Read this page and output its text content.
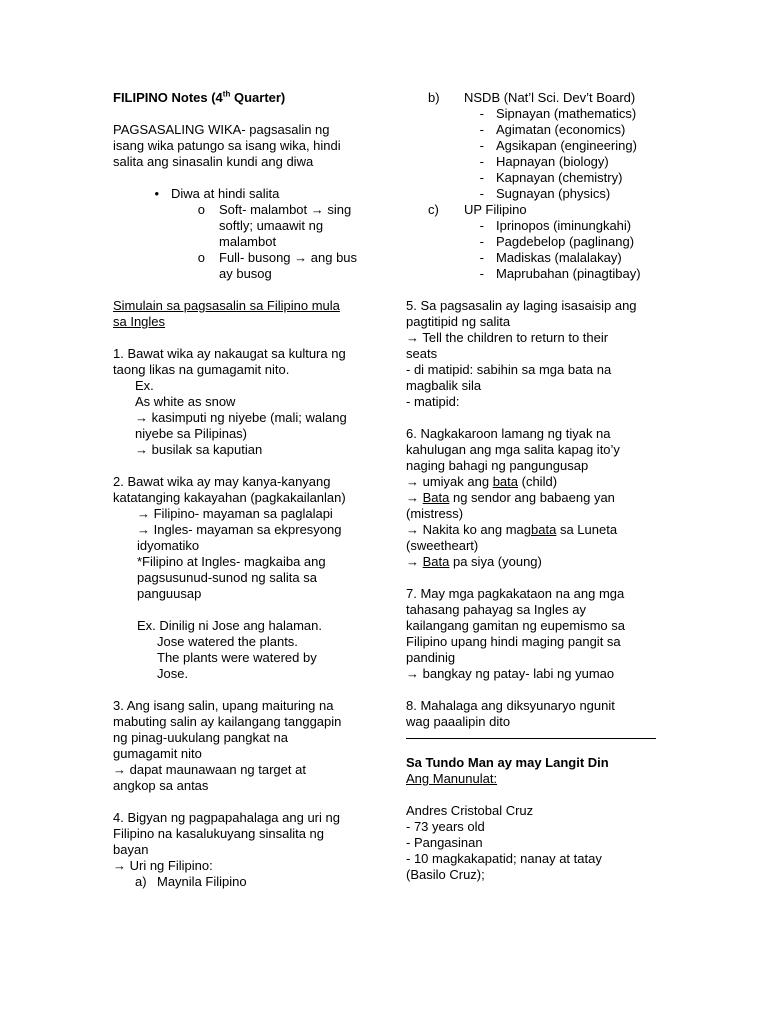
FILIPINO Notes (4th Quarter)

PAGSASALING WIKA- pagsasalin ng

isang wika patungo sa isang wika, hindi

salita ang sinasalin kundi ang diwa

• Diwa at hindi salita
o	Soft- malambot → sing
softly; umaawit ng
malambot
o	Full- busong → ang bus
ay busog

Simulain sa pagsasalin sa Filipino mula

sa Ingles

1. Bawat wika ay nakaugat sa kultura ng

taong likas na gumagamit nito.

Ex.

As white as snow

→ kasimputi ng niyebe (mali; walang

niyebe sa Pilipinas)

→ busilak sa kaputian

2. Bawat wika ay may kanya-kanyang

katatanging kakayahan (pagkakailanlan)

→ Filipino- mayaman sa paglalapi

→ Ingles- mayaman sa ekpresyong

idyomatiko

*Filipino at Ingles- magkaiba ang

pagsusunud-sunod ng salita sa

panguusap

Ex. Dinilig ni Jose ang halaman.

Jose watered the plants.

The plants were watered by

Jose.

3. Ang isang salin, upang maituring na

mabuting salin ay kailangang tanggapin

ng pinag-uukulang pangkat na

gumagamit nito

→ dapat maunawaan ng target at

angkop sa antas

4. Bigyan ng pagpapahalaga ang uri ng

Filipino na kasalukuyang sinsalita ng

bayan

→ Uri ng Filipino:

a) Maynila Filipino
b)	NSDB (Nat’l Sci. Dev’t Board)
- Sipnayan (mathematics)
- Agimatan (economics)
- Agsikapan (engineering)
- Hapnayan (biology)
- Kapnayan (chemistry)
- Sugnayan (physics)
c)	UP Filipino
- Iprinopos (iminungkahi)
- Pagdebelop (paglinang)
- Madiskas (malalakay)
- Maprubahan (pinagtibay)

5. Sa pagsasalin ay laging isasaisip ang

pagtitipid ng salita

→ Tell the children to return to their

seats

- di matipid: sabihin sa mga bata na

magbalik sila

- matipid:

6. Nagkakaroon lamang ng tiyak na

kahulugan ang mga salita kapag ito’y

naging bahagi ng pangungusap

→ umiyak ang bata (child)

→ Bata ng sendor ang babaeng yan

(mistress)

→ Nakita ko ang magbata sa Luneta

(sweetheart)

→ Bata pa siya (young)

7. May mga pagkakataon na ang mga

tahasang pahayag sa Ingles ay

kailangang gamitan ng eupemismo sa

Filipino upang hindi maging pangit sa

pandinig

→ bangkay ng patay- labi ng yumao

8. Mahalaga ang diksyunaryo ngunit

wag paaalipin dito

Sa Tundo Man ay may Langit Din

Ang Manunulat:

Andres Cristobal Cruz

- 73 years old

- Pangasinan

- 10 magkakapatid; nanay at tatay

(Basilo Cruz);
